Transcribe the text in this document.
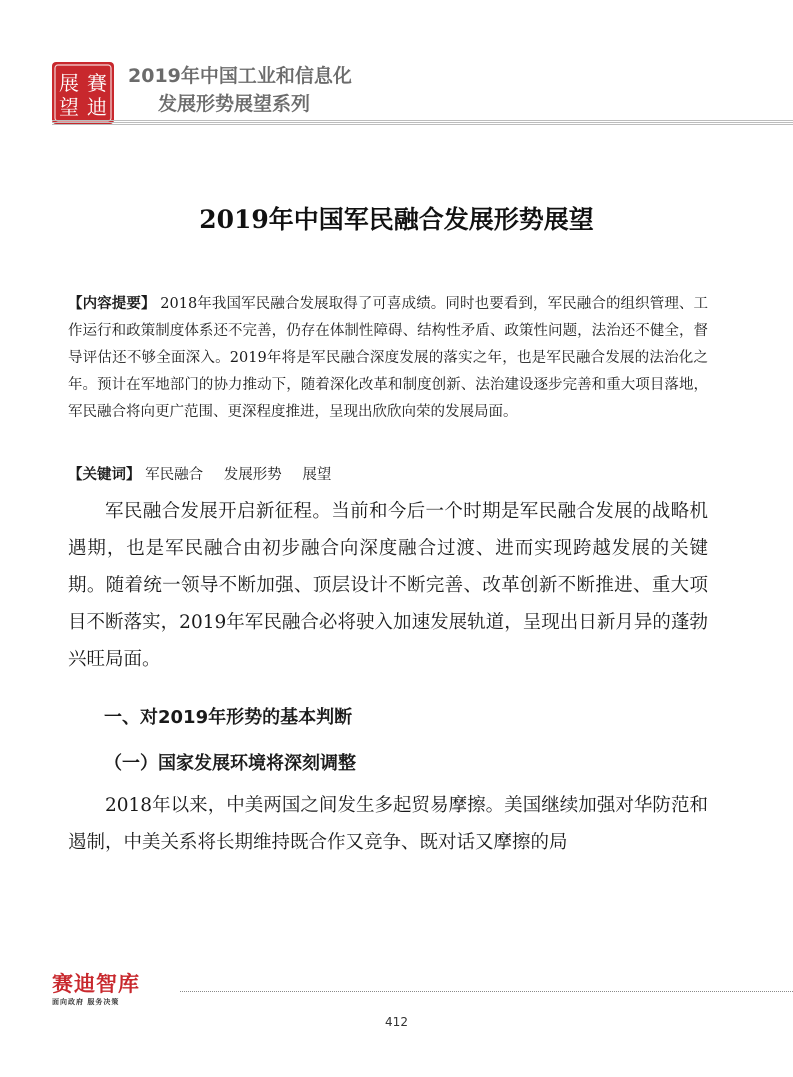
展
望
賽
迪
2019年中国工业和信息化
发展形势展望系列
2019年中国军民融合发展形势展望
【内容提要】 2018年我国军民融合发展取得了可喜成绩。同时也要看到，军民融合的组织管理、工作运行和政策制度体系还不完善，仍存在体制性障碍、结构性矛盾、政策性问题，法治还不健全，督导评估还不够全面深入。2019年将是军民融合深度发展的落实之年，也是军民融合发展的法治化之年。预计在军地部门的协力推动下，随着深化改革和制度创新、法治建设逐步完善和重大项目落地，军民融合将向更广范围、更深程度推进，呈现出欣欣向荣的发展局面。
【关键词】 军民融合 发展形势 展望

军民融合发展开启新征程。当前和今后一个时期是军民融合发展的战略机遇期，也是军民融合由初步融合向深度融合过渡、进而实现跨越发展的关键期。随着统一领导不断加强、顶层设计不断完善、改革创新不断推进、重大项目不断落实，2019年军民融合必将驶入加速发展轨道，呈现出日新月异的蓬勃兴旺局面。

一、对2019年形势的基本判断
（一）国家发展环境将深刻调整

2018年以来，中美两国之间发生多起贸易摩擦。美国继续加强对华防范和遏制，中美关系将长期维持既合作又竞争、既对话又摩擦的局

赛迪智库
面向政府 服务决策
412
